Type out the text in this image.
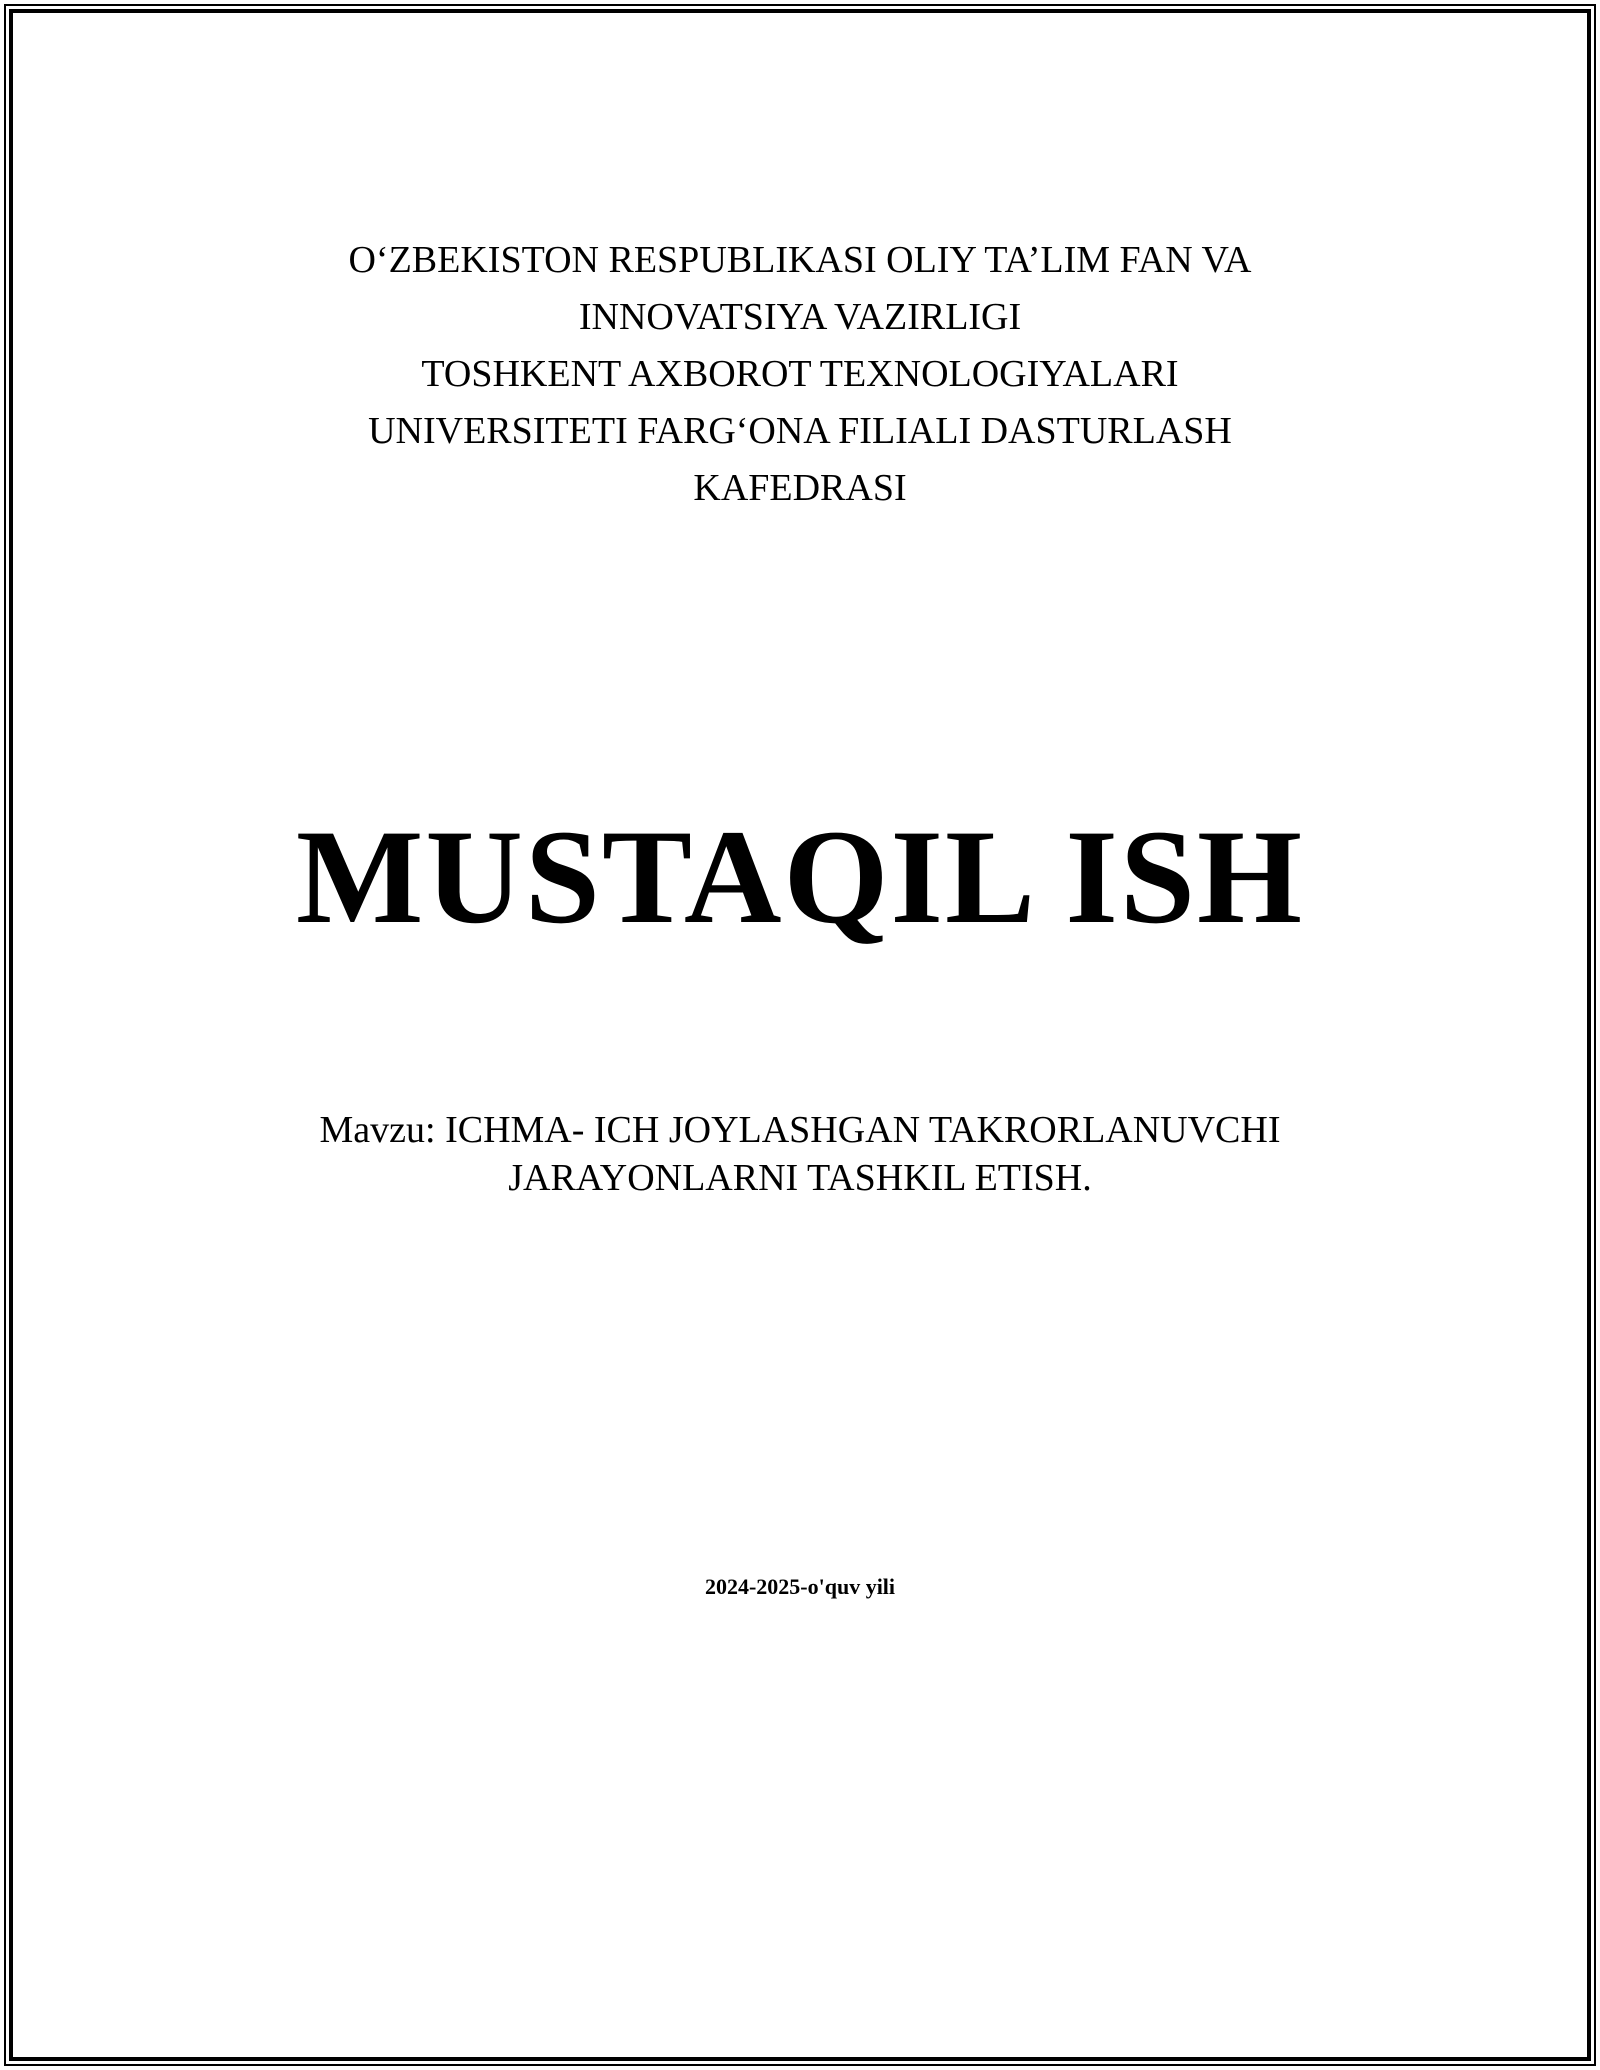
O‘ZBEKISTON RESPUBLIKASI OLIY TA’LIM FAN VA
INNOVATSIYA VAZIRLIGI
TOSHKENT AXBOROT TEXNOLOGIYALARI
UNIVERSITETI FARG‘ONA FILIALI DASTURLASH
KAFEDRASI
MUSTAQIL ISH
Mavzu: ICHMA- ICH JOYLASHGAN TAKRORLANUVCHI
JARAYONLARNI TASHKIL ETISH.
2024-2025-o'quv yili
